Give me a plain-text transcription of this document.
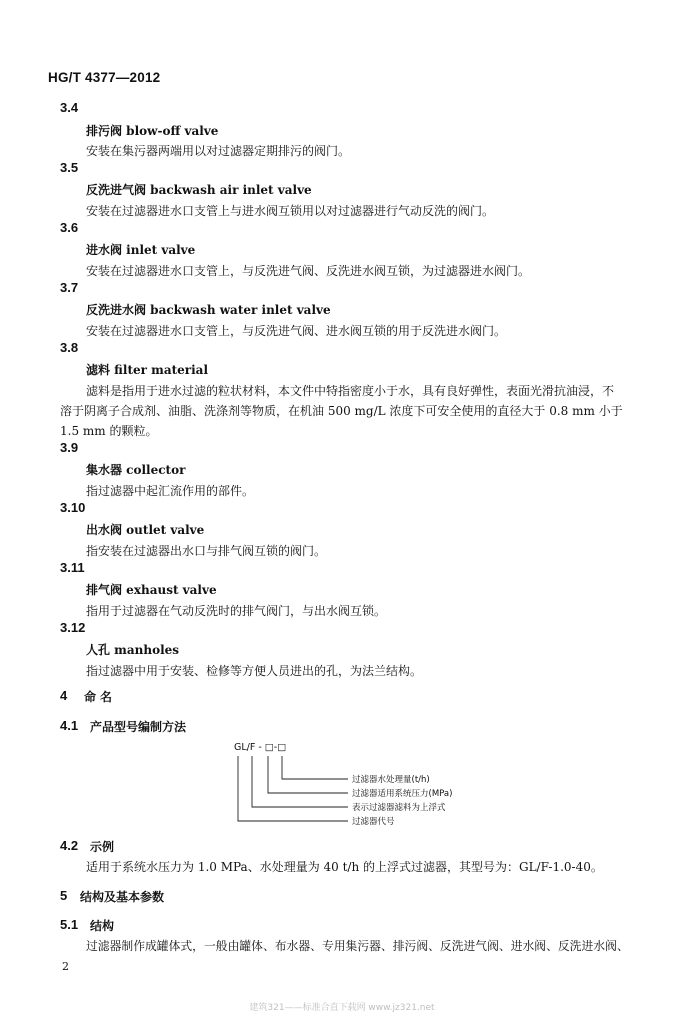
HG/T 4377—2012
3.4
排污阀 blow-off valve
安装在集污器两端用以对过滤器定期排污的阀门。
3.5
反洗进气阀 backwash air inlet valve
安装在过滤器进水口支管上与进水阀互锁用以对过滤器进行气动反洗的阀门。
3.6
进水阀 inlet valve
安装在过滤器进水口支管上，与反洗进气阀、反洗进水阀互锁，为过滤器进水阀门。
3.7
反洗进水阀 backwash water inlet valve
安装在过滤器进水口支管上，与反洗进气阀、进水阀互锁的用于反洗进水阀门。
3.8
滤料 filter material
滤料是指用于进水过滤的粒状材料，本文件中特指密度小于水，具有良好弹性，表面光滑抗油浸，不
溶于阴离子合成剂、油脂、洗涤剂等物质，在机油 500 mg/L 浓度下可安全使用的直径大于 0.8 mm 小于
1.5 mm 的颗粒。
3.9
集水器 collector
指过滤器中起汇流作用的部件。
3.10
出水阀 outlet valve
指安装在过滤器出水口与排气阀互锁的阀门。
3.11
排气阀 exhaust valve
指用于过滤器在气动反洗时的排气阀门，与出水阀互锁。
3.12
人孔 manholes
指过滤器中用于安装、检修等方便人员进出的孔，为法兰结构。
4 命名
4.1 产品型号编制方法
GL/F - □-□
过滤器水处理量(t/h)
过滤器适用系统压力(MPa)
表示过滤器滤料为上浮式
过滤器代号
4.2 示例
适用于系统水压力为 1.0 MPa、水处理量为 40 t/h 的上浮式过滤器，其型号为：GL/F-1.0-40。
5 结构及基本参数
5.1 结构
过滤器制作成罐体式，一般由罐体、布水器、专用集污器、排污阀、反洗进气阀、进水阀、反洗进水阀、
2
建筑321——标准合直下载网 www.jz321.net
